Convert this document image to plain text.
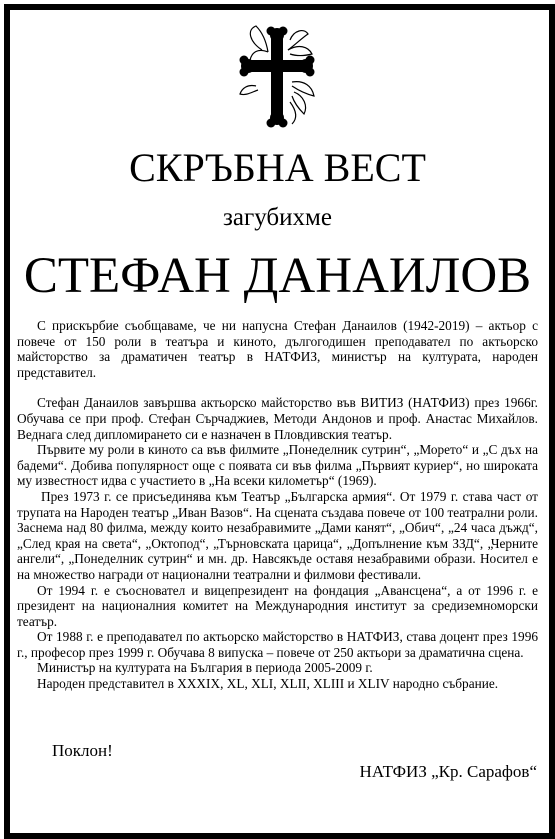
СКРЪБНА ВЕСТ
загубихме
СТЕФАН ДАНАИЛОВ

С прискърбие съобщаваме, че ни напусна Стефан Данаилов (1942-2019) – актьор с повече от 150 роли в театъра и киното, дългогодишен преподавател по актьорско майсторство за драматичен театър в НАТФИЗ, министър на културата, народен представител.

Стефан Данаилов завършва актьорско майсторство във ВИТИЗ (НАТФИЗ) през 1966г. Обучава се при проф. Стефан Сърчаджиев, Методи Андонов и проф. Анастас Михайлов. Веднага след дипломирането си е назначен в Пловдивския театър.

Първите му роли в киното са във филмите „Понеделник сутрин“, „Морето“ и „С дъх на бадеми“. Добива популярност още с появата си във филма „Първият куриер“, но широката му известност идва с участието в „На всеки километър“ (1969).

През 1973 г. се присъединява към Театър „Българска армия“. От 1979 г. става част от трупата на Народен театър „Иван Вазов“. На сцената създава повече от 100 театрални роли. Заснема над 80 филма, между които незабравимите „Дами канят“, „Обич“, „24 часа дъжд“, „След края на света“, „Октопод“, „Търновската царица“, „Допълнение към ЗЗД“, „Черните ангели“, „Понеделник сутрин“ и мн. др. Навсякъде оставя незабравими образи. Носител е на множество награди от национални театрални и филмови фестивали.

От 1994 г. е съосновател и вицепрезидент на фондация „Авансцена“, а от 1996 г. е президент на националния комитет на Международния институт за средиземноморски театър.

От 1988 г. е преподавател по актьорско майсторство в НАТФИЗ, става доцент през 1996 г., професор през 1999 г. Обучава 8 випуска – повече от 250 актьори за драматична сцена.

Министър на културата на България в периода 2005-2009 г.

Народен представител в XXXIX, XL, XLI, XLII, XLIII и XLIV народно събрание.

Поклон!
НАТФИЗ „Кр. Сарафов“
